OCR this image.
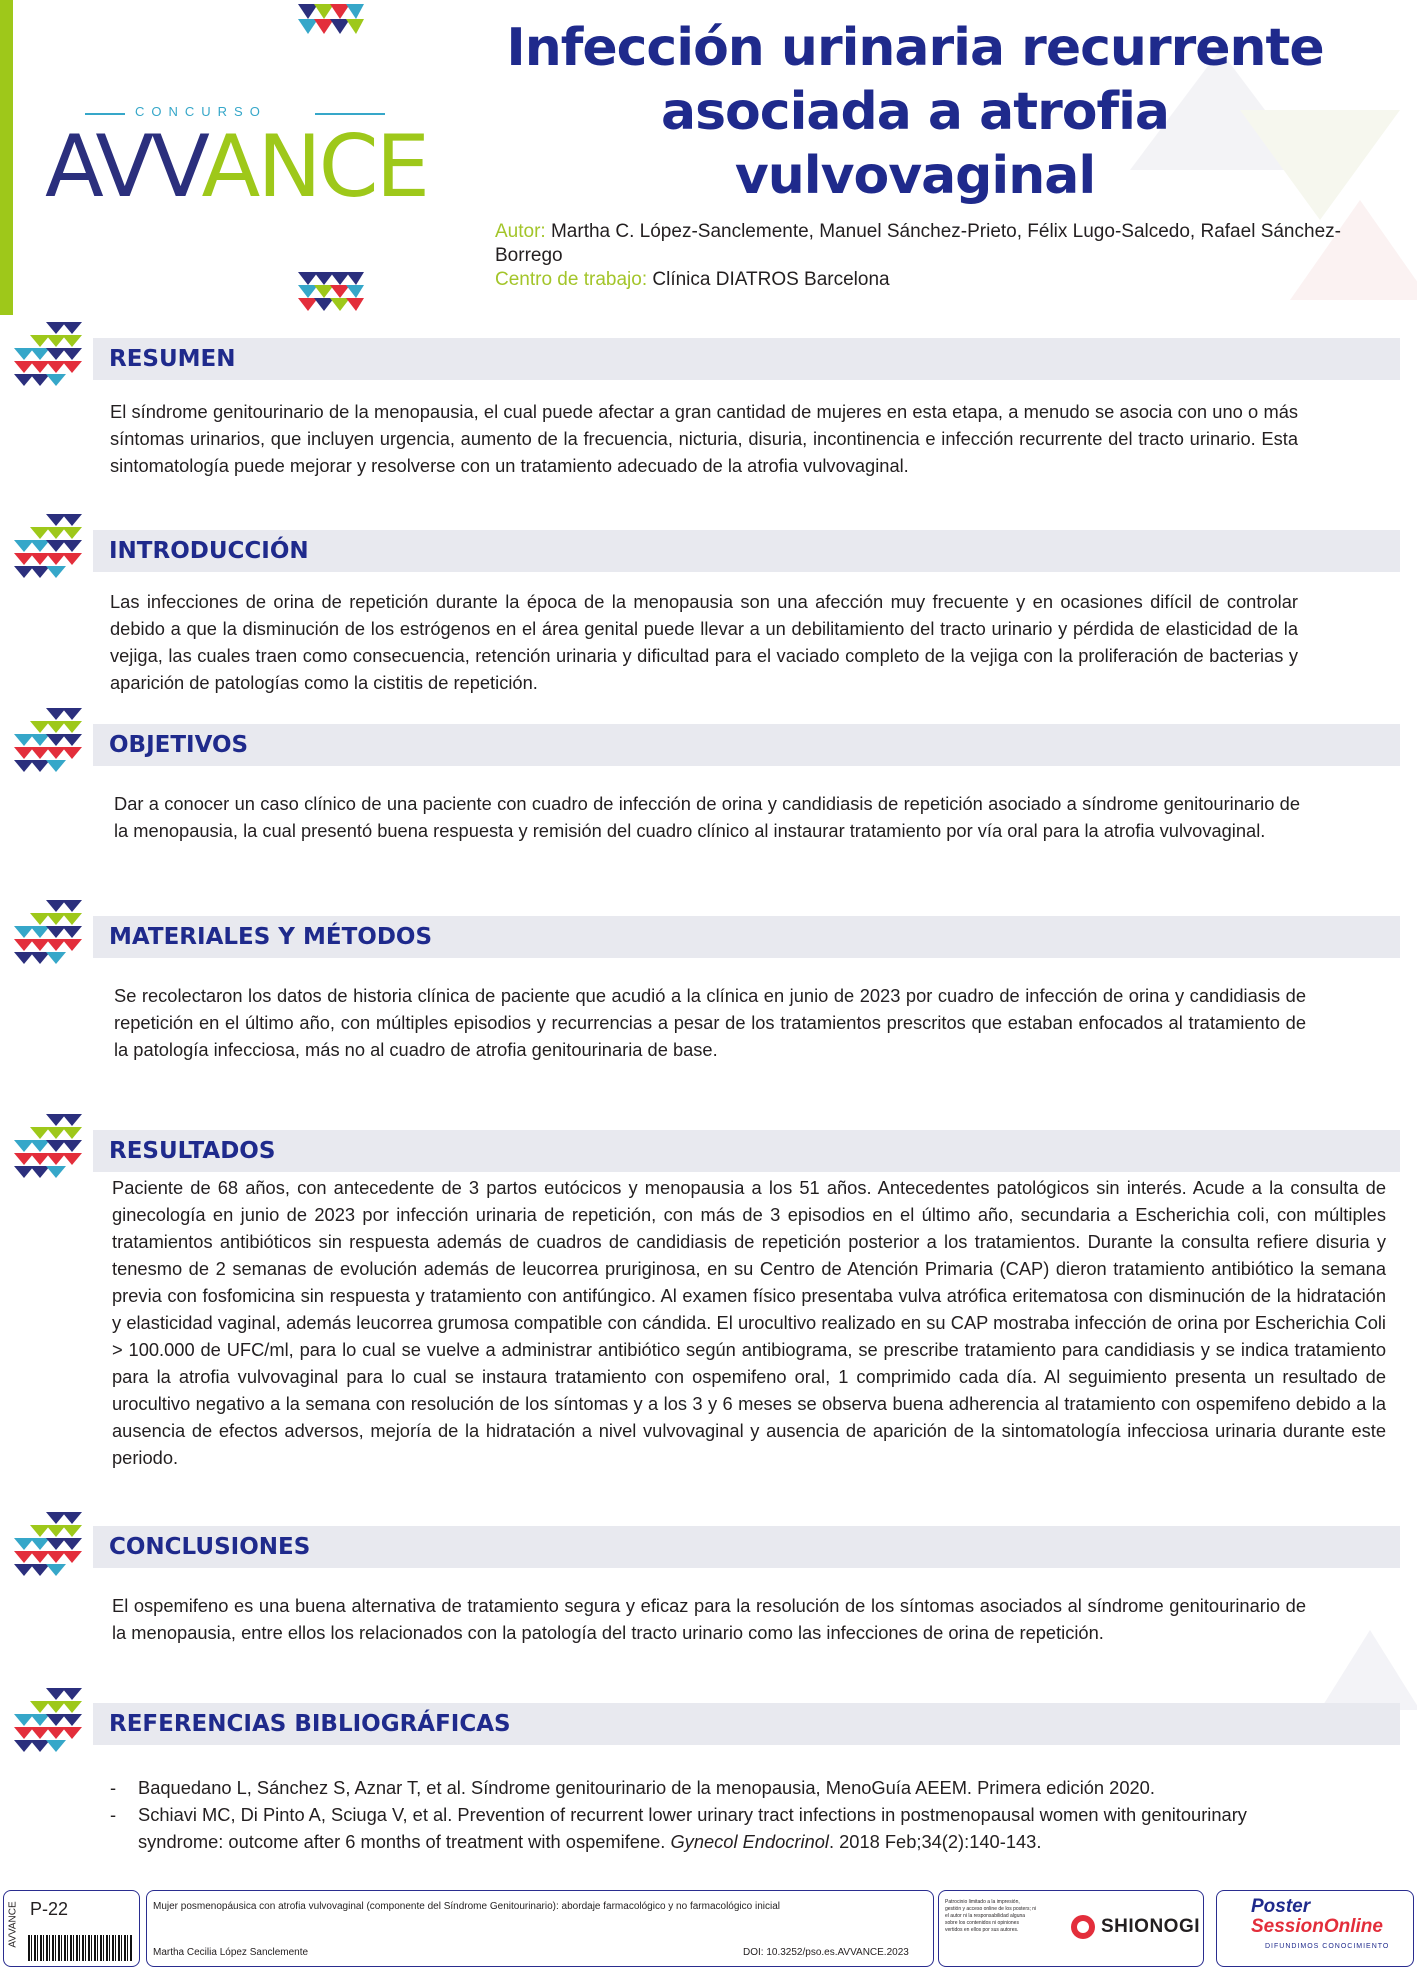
CONCURSO
AVVANCE
Infección urinaria recurrente
asociada a atrofia
vulvovaginal
Autor: Martha C. López-Sanclemente, Manuel Sánchez-Prieto, Félix Lugo-Salcedo, Rafael Sánchez-Borrego
Centro de trabajo: Clínica DIATROS Barcelona
RESUMEN
El síndrome genitourinario de la menopausia, el cual puede afectar a gran cantidad de mujeres en esta etapa, a menudo se asocia con uno o más síntomas urinarios, que incluyen urgencia, aumento de la frecuencia, nicturia, disuria, incontinencia e infección recurrente del tracto urinario. Esta sintomatología puede mejorar y resolverse con un tratamiento adecuado de la atrofia vulvovaginal.
INTRODUCCIÓN
Las infecciones de orina de repetición durante la época de la menopausia son una afección muy frecuente y en ocasiones difícil de controlar debido a que la disminución de los estrógenos en el área genital puede llevar a un debilitamiento del tracto urinario y pérdida de elasticidad de la vejiga, las cuales traen como consecuencia, retención urinaria y dificultad para el vaciado completo de la vejiga con la proliferación de bacterias y aparición de patologías como la cistitis de repetición.
OBJETIVOS
Dar a conocer un caso clínico de una paciente con cuadro de infección de orina y candidiasis de repetición asociado a síndrome genitourinario de la menopausia, la cual presentó buena respuesta y remisión del cuadro clínico al instaurar tratamiento por vía oral para la atrofia vulvovaginal.
MATERIALES Y MÉTODOS
Se recolectaron los datos de historia clínica de paciente que acudió a la clínica en junio de 2023 por cuadro de infección de orina y candidiasis de repetición en el último año, con múltiples episodios y recurrencias a pesar de los tratamientos prescritos que estaban enfocados al tratamiento de la patología infecciosa, más no al cuadro de atrofia genitourinaria de base.
RESULTADOS
Paciente de 68 años, con antecedente de 3 partos eutócicos y menopausia a los 51 años. Antecedentes patológicos sin interés. Acude a la consulta de ginecología en junio de 2023 por infección urinaria de repetición, con más de 3 episodios en el último año, secundaria a Escherichia coli, con múltiples tratamientos antibióticos sin respuesta además de cuadros de candidiasis de repetición posterior a los tratamientos. Durante la consulta refiere disuria y tenesmo de 2 semanas de evolución además de leucorrea pruriginosa, en su Centro de Atención Primaria (CAP) dieron tratamiento antibiótico la semana previa con fosfomicina sin respuesta y tratamiento con antifúngico. Al examen físico presentaba vulva atrófica eritematosa con disminución de la hidratación y elasticidad vaginal, además leucorrea grumosa compatible con cándida. El urocultivo realizado en su CAP mostraba infección de orina por Escherichia Coli > 100.000 de UFC/ml, para lo cual se vuelve a administrar antibiótico según antibiograma, se prescribe tratamiento para candidiasis y se indica tratamiento para la atrofia vulvovaginal para lo cual se instaura tratamiento con ospemifeno oral, 1 comprimido cada día. Al seguimiento presenta un resultado de urocultivo negativo a la semana con resolución de los síntomas y a los 3 y 6 meses se observa buena adherencia al tratamiento con ospemifeno debido a la ausencia de efectos adversos, mejoría de la hidratación a nivel vulvovaginal y ausencia de aparición de la sintomatología infecciosa urinaria durante este periodo.
CONCLUSIONES
El ospemifeno es una buena alternativa de tratamiento segura y eficaz para la resolución de los síntomas asociados al síndrome genitourinario de la menopausia, entre ellos los relacionados con la patología del tracto urinario como las infecciones de orina de repetición.
REFERENCIAS BIBLIOGRÁFICAS
- Baquedano L, Sánchez S, Aznar T, et al. Síndrome genitourinario de la menopausia, MenoGuía AEEM. Primera edición 2020.
- Schiavi MC, Di Pinto A, Sciuga V, et al. Prevention of recurrent lower urinary tract infections in postmenopausal women with genitourinary syndrome: outcome after 6 months of treatment with ospemifene. Gynecol Endocrinol. 2018 Feb;34(2):140-143.
AVVANCE P-22	Mujer posmenopáusica con atrofia vulvovaginal (componente del Síndrome Genitourinario): abordaje farmacológico y no farmacológico inicial
Martha Cecilia López Sanclemente	DOI: 10.3252/pso.es.AVVANCE.2023
Patrocinio limitado a la impresión, gestión y acceso online de los posters; ni el autor ni la responsabilidad alguna sobre los contenidos ni opiniones vertidos en ellos por sus autores.	SHIONOGI
Poster
SessionOnline
DIFUNDIMOS CONOCIMIENTO
